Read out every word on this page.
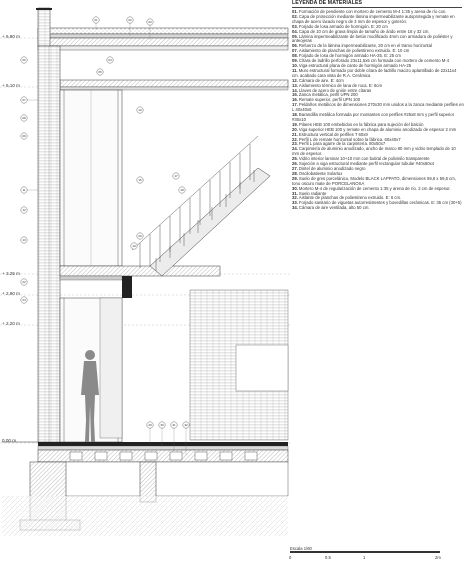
01	02	03
04
05
06
07
08
09
10
11
12
13
15
17
18
19
20
22
24
29	30	31	32
+ 6.90 m
+ 6.10 m
+ 3.25 m
+ 2.90 m
+ 2.20 m
0.00 m
LEYENDA DE MATERIALES
01.Formación de pendiente con mortero de cemento M-4 1:35 y arena de río con.
02.Capa de protección mediante lámina impermeabilizante autoprotegida y remate en chapa de acero lacado negro de 3 mm de espesor y goterón.
03.Forjado de losa armado de hormigón. E: 20 cm
04.Capa de 10 cm de grava limpia de tamaño de árido entre 16 y 32 cm.
05.Lámina impermeabilizante de betún modificado 4mm con armadura de poliéster y anteojeras
06.Refuerzo de la lámina impermeabilizante, 20 cm en el tramo horizontal
07.Aislamiento de planchas de poliestireno extruido. E: 10 cm
08.Forjado de losa de hormigón armado HA-25. E: 25 cm
09.Cítara de ladrillo perforado 23x11,5x5 cm formada con mortero de cemento M-4
10.Viga estructural plana de canto de hormigón armado HA-25
11.Muro estructural formado por doble cítara de ladrillo macizo aplantillado de 22x11x4 cm. acabado cara vista de R.A. Cerámica
12.Cámara de aire. E: 4cm
13.Aislamiento térmico de lana de roca. E: 6cm
14.Llaves de acero de unión entre cítaras
15.Zanca metálica, perfil UPN 200
16.Remate superior, perfil UPN 100
17.Peldaños metálicos de dimensiones 270x30 mm unidos a la zanca mediante perfiles en L 40x40x5
18.Barandilla metálica formada por montantes con perfiles #25x8 mm y perfil superior #30x10
19.Pilares HEB 100 embebidos en la fábrica para sujeción del balcón
20.Viga superior HEB 100 y remate en chapa de aluminio anodizado de espesor 2 mm
21.Estructura vertical de perfiles T 60x9
22.Perfil L de remate horizontal sobre la fábrica. 60x40x7
23.Perfil L para agarre de la carpintería. 80x50x7
24.Carpintería de aluminio anodizado, ancho de marco 80 mm y vidrio templado de 10 mm de espesor.
25.Vidrio interior laminar 10+10 mm con butiral de polivinilo transparente
26.Sujeción a viga estructural mediante perfil rectangular tubular #40x60x4
27.Dintel de aluminio anodizado negro
28.Oscilobatiente Solarlux
29.Suelo de gres porcelánico, Modelo BLACK LAPPATO, dimensiones 59,6 x 59,6 cm, tono oscuro mate de PORCELANOSA
30.Mortero M-4 de regularización de cemento 1:35 y arena de río. 2 cm de espesor.
31.Suelo radiante
32.Aislante de planchas de poliestireno extruido. E: 6 cm.
33.Forjado sanitario de viguetas autorresistentes y bovedillas cerámicas. E: 35 cm (30+5)
34.Cámara de aire ventilada, alto 50 cm.
Escala 1/60
0	0.5	1	2m
